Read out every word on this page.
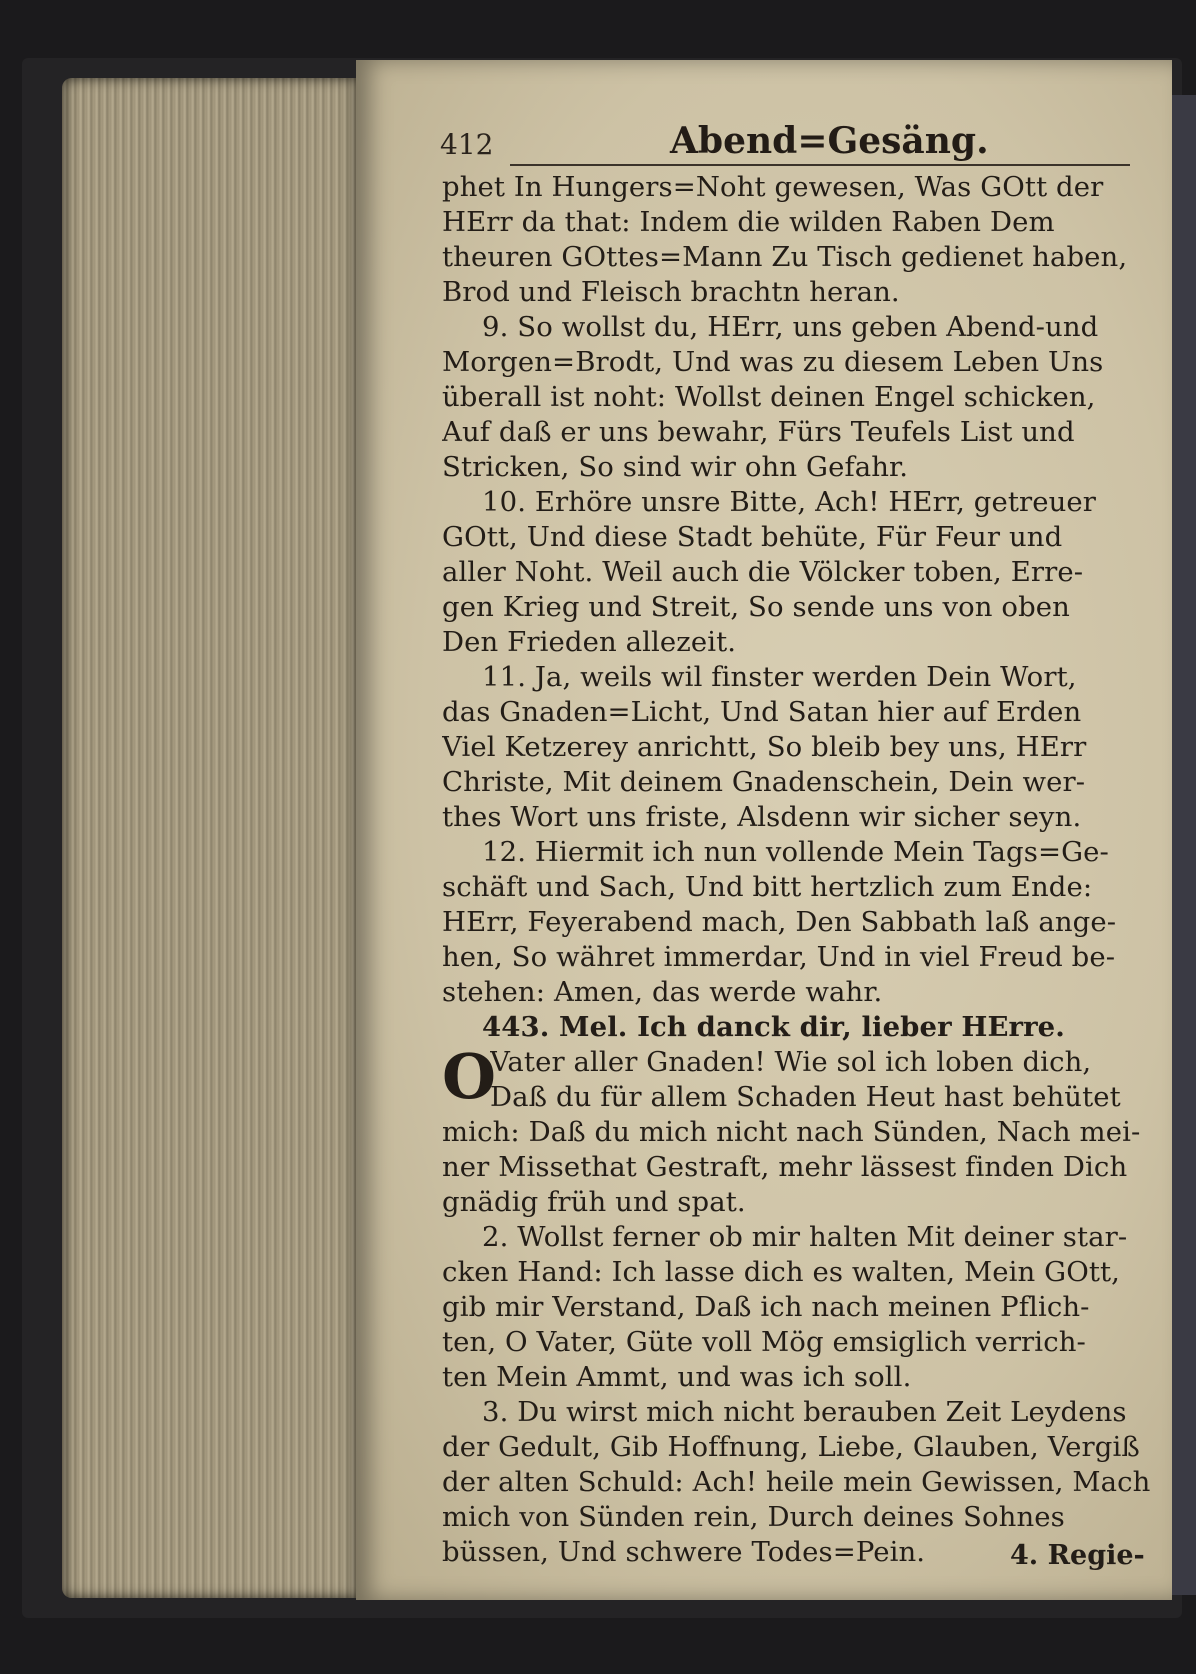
412	Abend=Gesäng.
phet In Hungers=Noht gewesen, Was GOtt der
HErr da that: Indem die wilden Raben Dem
theuren GOttes=Mann Zu Tisch gedienet haben,
Brod und Fleisch brachtn heran.
9. So wollst du, HErr, uns geben Abend-und
Morgen=Brodt, Und was zu diesem Leben Uns
überall ist noht: Wollst deinen Engel schicken,
Auf daß er uns bewahr, Fürs Teufels List und
Stricken, So sind wir ohn Gefahr.
10. Erhöre unsre Bitte, Ach! HErr, getreuer
GOtt, Und diese Stadt behüte, Für Feur und
aller Noht. Weil auch die Völcker toben, Erre-
gen Krieg und Streit, So sende uns von oben
Den Frieden allezeit.
11. Ja, weils wil finster werden Dein Wort,
das Gnaden=Licht, Und Satan hier auf Erden
Viel Ketzerey anrichtt, So bleib bey uns, HErr
Christe, Mit deinem Gnadenschein, Dein wer-
thes Wort uns friste, Alsdenn wir sicher seyn.
12. Hiermit ich nun vollende Mein Tags=Ge-
schäft und Sach, Und bitt hertzlich zum Ende:
HErr, Feyerabend mach, Den Sabbath laß ange-
hen, So währet immerdar, Und in viel Freud be-
stehen: Amen, das werde wahr.
443. Mel. Ich danck dir, lieber HErre.
O
Vater aller Gnaden! Wie sol ich loben dich,
Daß du für allem Schaden Heut hast behütet
mich: Daß du mich nicht nach Sünden, Nach mei-
ner Missethat Gestraft, mehr lässest finden Dich
gnädig früh und spat.
2. Wollst ferner ob mir halten Mit deiner star-
cken Hand: Ich lasse dich es walten, Mein GOtt,
gib mir Verstand, Daß ich nach meinen Pflich-
ten, O Vater, Güte voll Mög emsiglich verrich-
ten Mein Ammt, und was ich soll.
3. Du wirst mich nicht berauben Zeit Leydens
der Gedult, Gib Hoffnung, Liebe, Glauben, Vergiß
der alten Schuld: Ach! heile mein Gewissen, Mach
mich von Sünden rein, Durch deines Sohnes
büssen, Und schwere Todes=Pein.	4. Regie-
